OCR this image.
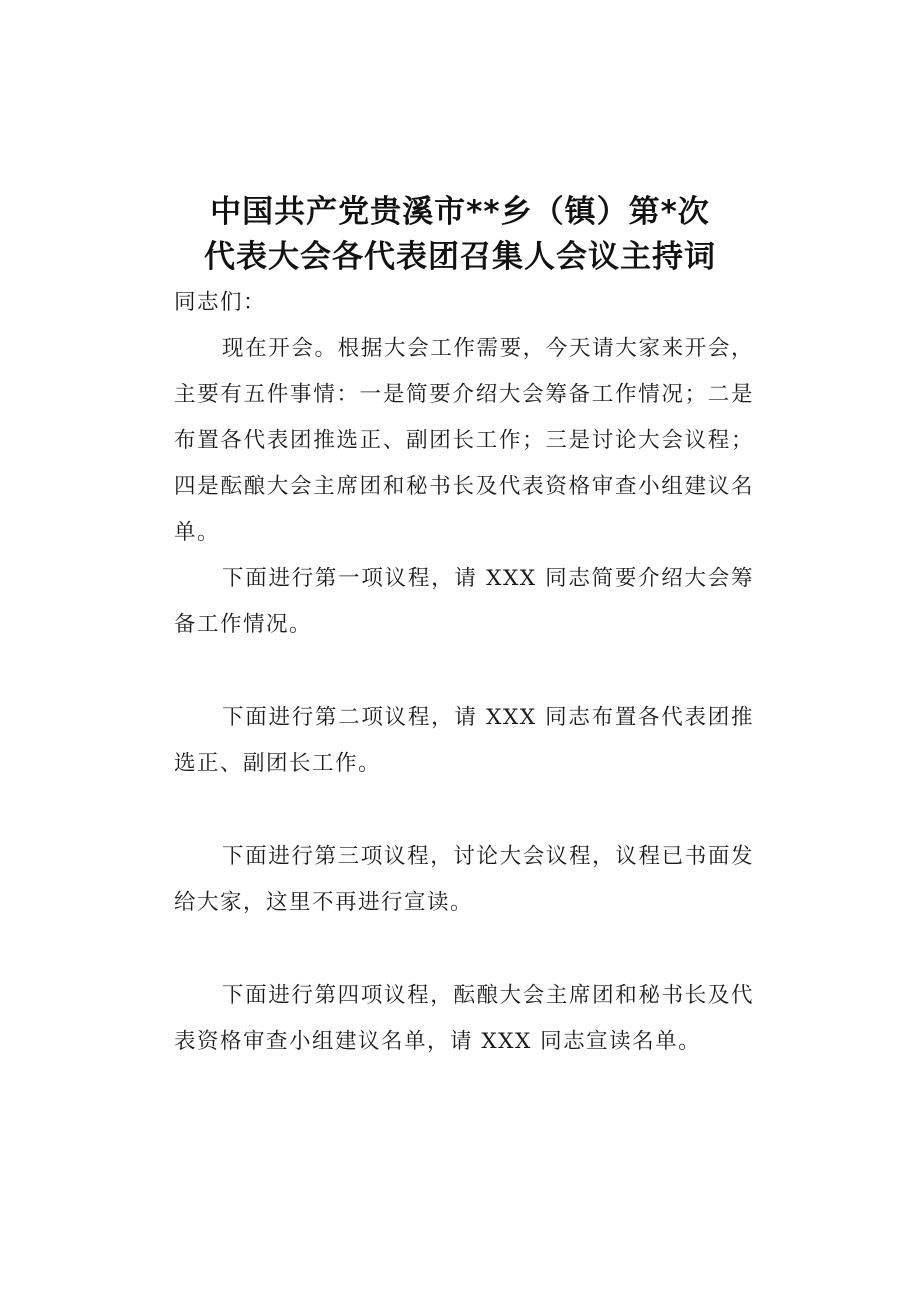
中国共产党贵溪市**乡（镇）第*次
代表大会各代表团召集人会议主持词

同志们：

现在开会。根据大会工作需要，今天请大家来开会，主要有五件事情：一是简要介绍大会筹备工作情况；二是布置各代表团推选正、副团长工作；三是讨论大会议程；四是酝酿大会主席团和秘书长及代表资格审查小组建议名单。

下面进行第一项议程，请 XXX 同志简要介绍大会筹备工作情况。

下面进行第二项议程，请 XXX 同志布置各代表团推选正、副团长工作。

下面进行第三项议程，讨论大会议程，议程已书面发给大家，这里不再进行宣读。

下面进行第四项议程，酝酿大会主席团和秘书长及代表资格审查小组建议名单，请 XXX 同志宣读名单。
